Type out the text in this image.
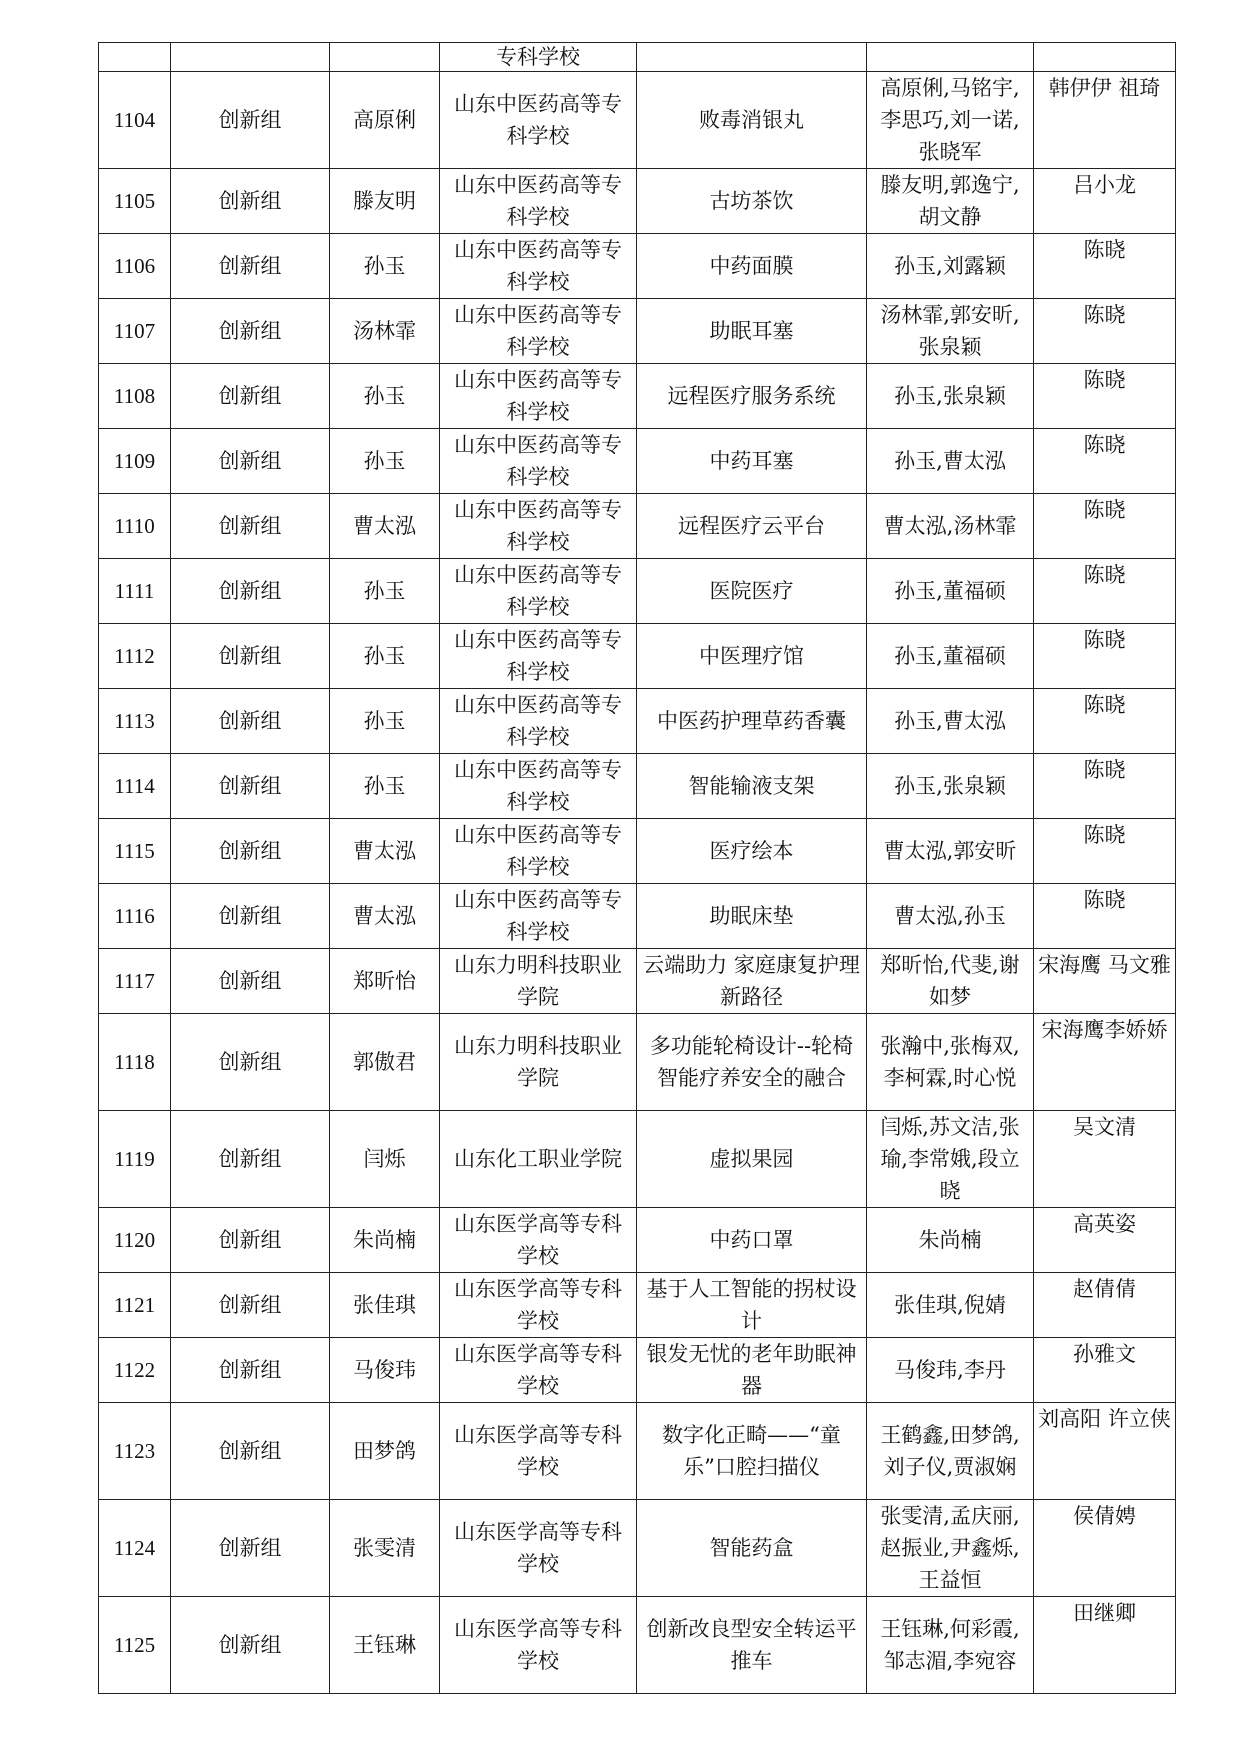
			专科学校			
1104	创新组	高原俐	山东中医药高等专科学校	败毒消银丸	高原俐,马铭宇,李思巧,刘一诺,张晓军	韩伊伊 祖琦
1105	创新组	滕友明	山东中医药高等专科学校	古坊茶饮	滕友明,郭逸宁,胡文静	吕小龙
1106	创新组	孙玉	山东中医药高等专科学校	中药面膜	孙玉,刘露颖	陈晓
1107	创新组	汤林霏	山东中医药高等专科学校	助眠耳塞	汤林霏,郭安昕,张泉颖	陈晓
1108	创新组	孙玉	山东中医药高等专科学校	远程医疗服务系统	孙玉,张泉颖	陈晓
1109	创新组	孙玉	山东中医药高等专科学校	中药耳塞	孙玉,曹太泓	陈晓
1110	创新组	曹太泓	山东中医药高等专科学校	远程医疗云平台	曹太泓,汤林霏	陈晓
1111	创新组	孙玉	山东中医药高等专科学校	医院医疗	孙玉,董福硕	陈晓
1112	创新组	孙玉	山东中医药高等专科学校	中医理疗馆	孙玉,董福硕	陈晓
1113	创新组	孙玉	山东中医药高等专科学校	中医药护理草药香囊	孙玉,曹太泓	陈晓
1114	创新组	孙玉	山东中医药高等专科学校	智能输液支架	孙玉,张泉颖	陈晓
1115	创新组	曹太泓	山东中医药高等专科学校	医疗绘本	曹太泓,郭安昕	陈晓
1116	创新组	曹太泓	山东中医药高等专科学校	助眠床垫	曹太泓,孙玉	陈晓
1117	创新组	郑昕怡	山东力明科技职业学院	云端助力 家庭康复护理新路径	郑昕怡,代斐,谢如梦	宋海鹰 马文雅
1118	创新组	郭傲君	山东力明科技职业学院	多功能轮椅设计--轮椅智能疗养安全的融合	张瀚中,张梅双,李柯霖,时心悦	宋海鹰李娇娇
1119	创新组	闫烁	山东化工职业学院	虚拟果园	闫烁,苏文洁,张瑜,李常娥,段立晓	吴文清
1120	创新组	朱尚楠	山东医学高等专科学校	中药口罩	朱尚楠	高英姿
1121	创新组	张佳琪	山东医学高等专科学校	基于人工智能的拐杖设计	张佳琪,倪婧	赵倩倩
1122	创新组	马俊玮	山东医学高等专科学校	银发无忧的老年助眠神器	马俊玮,李丹	孙雅文
1123	创新组	田梦鸽	山东医学高等专科学校	数字化正畸——“童乐”口腔扫描仪	王鹤鑫,田梦鸽,刘子仪,贾淑娴	刘高阳 许立侠
1124	创新组	张雯清	山东医学高等专科学校	智能药盒	张雯清,孟庆丽,赵振业,尹鑫烁,王益恒	侯倩娉
1125	创新组	王钰琳	山东医学高等专科学校	创新改良型安全转运平推车	王钰琳,何彩霞,邹志湄,李宛容	田继卿
